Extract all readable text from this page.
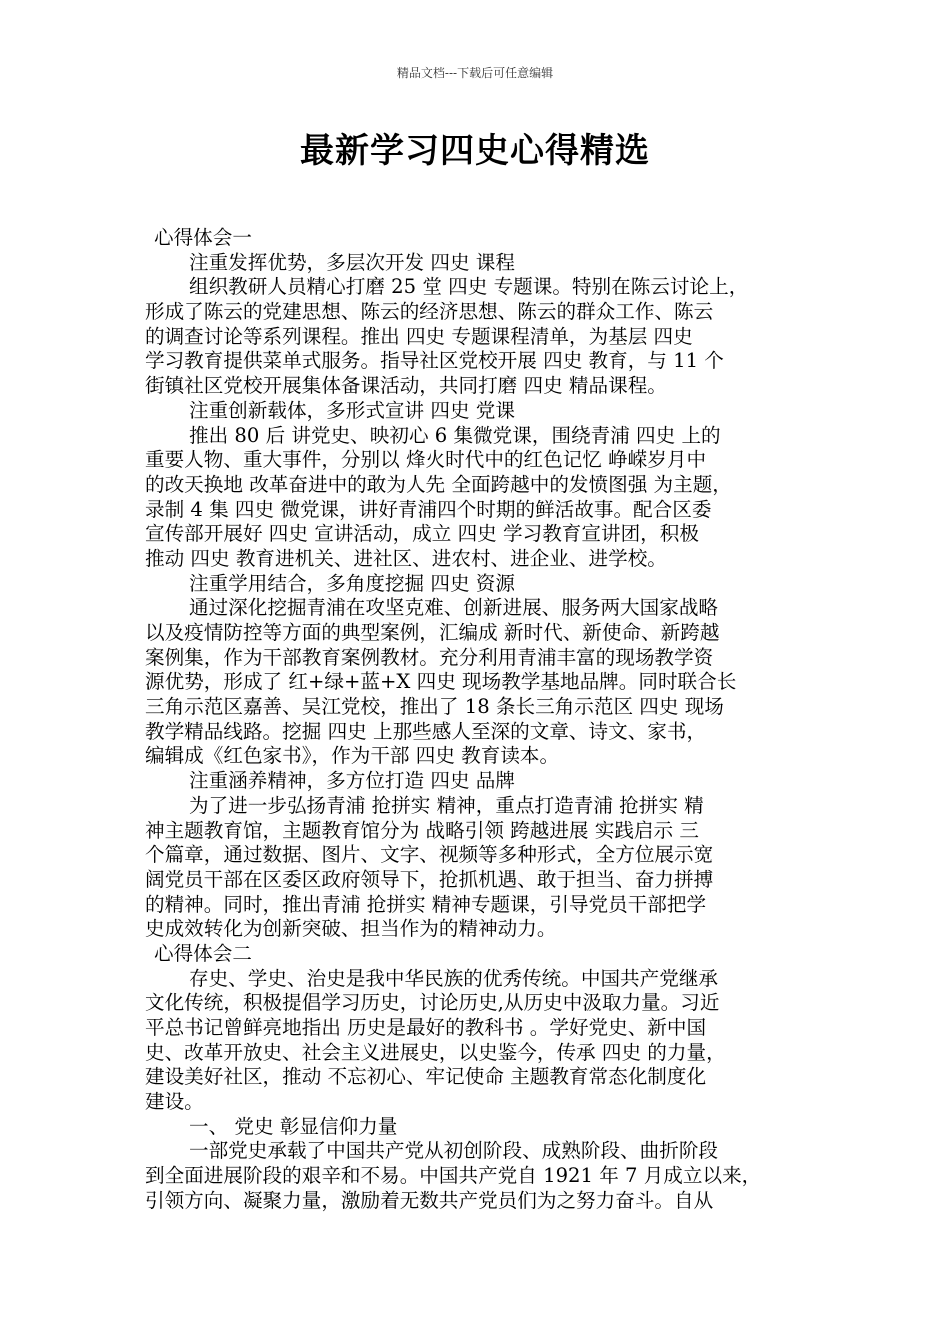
精品文档---下载后可任意编辑
最新学习四史心得精选
心得体会一
注重发挥优势，多层次开发 四史 课程
组织教研人员精心打磨 25 堂 四史 专题课。特别在陈云讨论上，
形成了陈云的党建思想、陈云的经济思想、陈云的群众工作、陈云
的调查讨论等系列课程。推出 四史 专题课程清单，为基层 四史
学习教育提供菜单式服务。指导社区党校开展 四史 教育，与 11 个
街镇社区党校开展集体备课活动，共同打磨 四史 精品课程。
注重创新载体，多形式宣讲 四史 党课
推出 80 后 讲党史、映初心 6 集微党课，围绕青浦 四史 上的
重要人物、重大事件，分别以 烽火时代中的红色记忆 峥嵘岁月中
的改天换地 改革奋进中的敢为人先 全面跨越中的发愤图强 为主题，
录制 4 集 四史 微党课，讲好青浦四个时期的鲜活故事。配合区委
宣传部开展好 四史 宣讲活动，成立 四史 学习教育宣讲团，积极
推动 四史 教育进机关、进社区、进农村、进企业、进学校。
注重学用结合，多角度挖掘 四史 资源
通过深化挖掘青浦在攻坚克难、创新进展、服务两大国家战略
以及疫情防控等方面的典型案例，汇编成 新时代、新使命、新跨越
案例集，作为干部教育案例教材。充分利用青浦丰富的现场教学资
源优势，形成了 红+绿+蓝+X 四史 现场教学基地品牌。同时联合长
三角示范区嘉善、吴江党校，推出了 18 条长三角示范区 四史 现场
教学精品线路。挖掘 四史 上那些感人至深的文章、诗文、家书，
编辑成《红色家书》，作为干部 四史 教育读本。
注重涵养精神，多方位打造 四史 品牌
为了进一步弘扬青浦 抢拼实 精神，重点打造青浦 抢拼实 精
神主题教育馆，主题教育馆分为 战略引领 跨越进展 实践启示 三
个篇章，通过数据、图片、文字、视频等多种形式，全方位展示宽
阔党员干部在区委区政府领导下，抢抓机遇、敢于担当、奋力拼搏
的精神。同时，推出青浦 抢拼实 精神专题课，引导党员干部把学
史成效转化为创新突破、担当作为的精神动力。
心得体会二
存史、学史、治史是我中华民族的优秀传统。中国共产党继承
文化传统，积极提倡学习历史，讨论历史,从历史中汲取力量。习近
平总书记曾鲜亮地指出 历史是最好的教科书 。学好党史、新中国
史、改革开放史、社会主义进展史，以史鉴今，传承 四史 的力量，
建设美好社区，推动 不忘初心、牢记使命 主题教育常态化制度化
建设。
一、 党史 彰显信仰力量
一部党史承载了中国共产党从初创阶段、成熟阶段、曲折阶段
到全面进展阶段的艰辛和不易。中国共产党自 1921 年 7 月成立以来，
引领方向、凝聚力量，激励着无数共产党员们为之努力奋斗。自从
